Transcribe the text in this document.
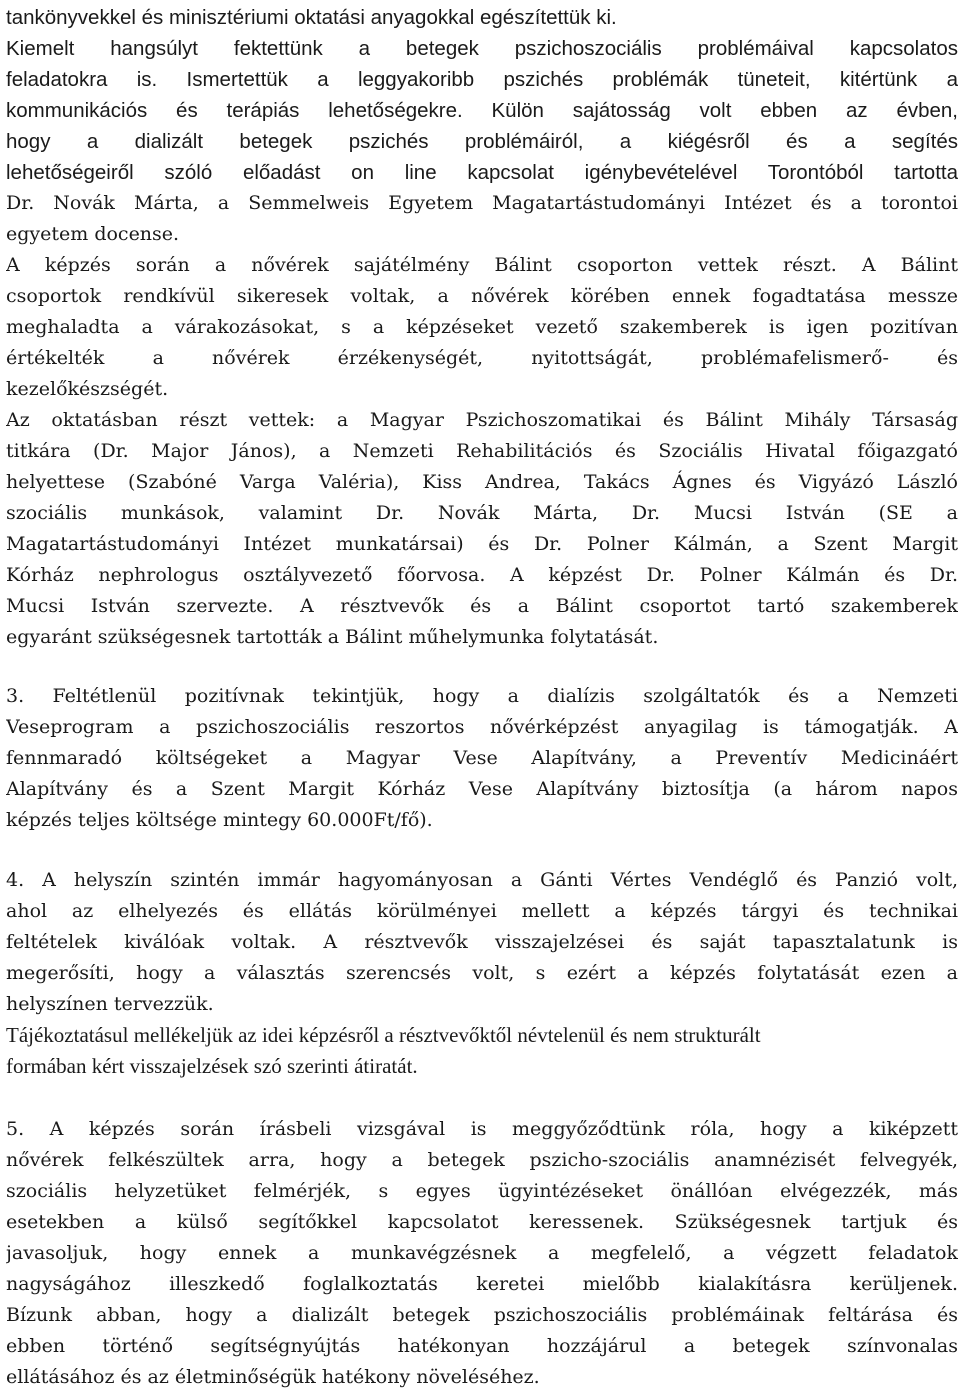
tankönyvekkel és minisztériumi oktatási anyagokkal egészítettük ki.
Kiemelt hangsúlyt fektettünk a betegek pszichoszociális problémáival kapcsolatos
feladatokra is. Ismertettük a leggyakoribb pszichés problémák tüneteit, kitértünk a
kommunikációs és terápiás lehetőségekre. Külön sajátosság volt ebben az évben,
hogy a dializált betegek pszichés problémáiról, a kiégésről és a segítés
lehetőségeiről szóló előadást on line kapcsolat igénybevételével Torontóból tartotta
Dr. Novák Márta, a Semmelweis Egyetem Magatartástudományi Intézet és a torontoi
egyetem docense.
A képzés során a nővérek sajátélmény Bálint csoporton vettek részt. A Bálint
csoportok rendkívül sikeresek voltak, a nővérek körében ennek fogadtatása messze
meghaladta a várakozásokat, s a képzéseket vezető szakemberek is igen pozitívan
értékelték a nővérek érzékenységét, nyitottságát, problémafelismerő- és
kezelőkészségét.
Az oktatásban részt vettek: a Magyar Pszichoszomatikai és Bálint Mihály Társaság
titkára (Dr. Major János), a Nemzeti Rehabilitációs és Szociális Hivatal főigazgató
helyettese (Szabóné Varga Valéria), Kiss Andrea, Takács Ágnes és Vigyázó László
szociális munkások, valamint Dr. Novák Márta, Dr. Mucsi István (SE a
Magatartástudományi Intézet munkatársai) és Dr. Polner Kálmán, a Szent Margit
Kórház nephrologus osztályvezető főorvosa. A képzést Dr. Polner Kálmán és Dr.
Mucsi István szervezte. A résztvevők és a Bálint csoportot tartó szakemberek
egyaránt szükségesnek tartották a Bálint műhelymunka folytatását.
3. Feltétlenül pozitívnak tekintjük, hogy a dialízis szolgáltatók és a Nemzeti
Veseprogram a pszichoszociális reszortos nővérképzést anyagilag is támogatják. A
fennmaradó költségeket a Magyar Vese Alapítvány, a Preventív Medicináért
Alapítvány és a Szent Margit Kórház Vese Alapítvány biztosítja (a három napos
képzés teljes költsége mintegy 60.000Ft/fő).
4. A helyszín szintén immár hagyományosan a Gánti Vértes Vendéglő és Panzió volt,
ahol az elhelyezés és ellátás körülményei mellett a képzés tárgyi és technikai
feltételek kiválóak voltak. A résztvevők visszajelzései és saját tapasztalatunk is
megerősíti, hogy a választás szerencsés volt, s ezért a képzés folytatását ezen a
helyszínen tervezzük.
Tájékoztatásul mellékeljük az idei képzésről a résztvevőktől névtelenül és nem strukturált
formában kért visszajelzések szó szerinti átiratát.
5. A képzés során írásbeli vizsgával is meggyőződtünk róla, hogy a kiképzett
nővérek felkészültek arra, hogy a betegek pszicho-szociális anamnézisét felvegyék,
szociális helyzetüket felmérjék, s egyes ügyintézéseket önállóan elvégezzék, más
esetekben a külső segítőkkel kapcsolatot keressenek. Szükségesnek tartjuk és
javasoljuk, hogy ennek a munkavégzésnek a megfelelő, a végzett feladatok
nagyságához illeszkedő foglalkoztatás keretei mielőbb kialakításra kerüljenek.
Bízunk abban, hogy a dializált betegek pszichoszociális problémáinak feltárása és
ebben történő segítségnyújtás hatékonyan hozzájárul a betegek színvonalas
ellátásához és az életminőségük hatékony növeléséhez.
